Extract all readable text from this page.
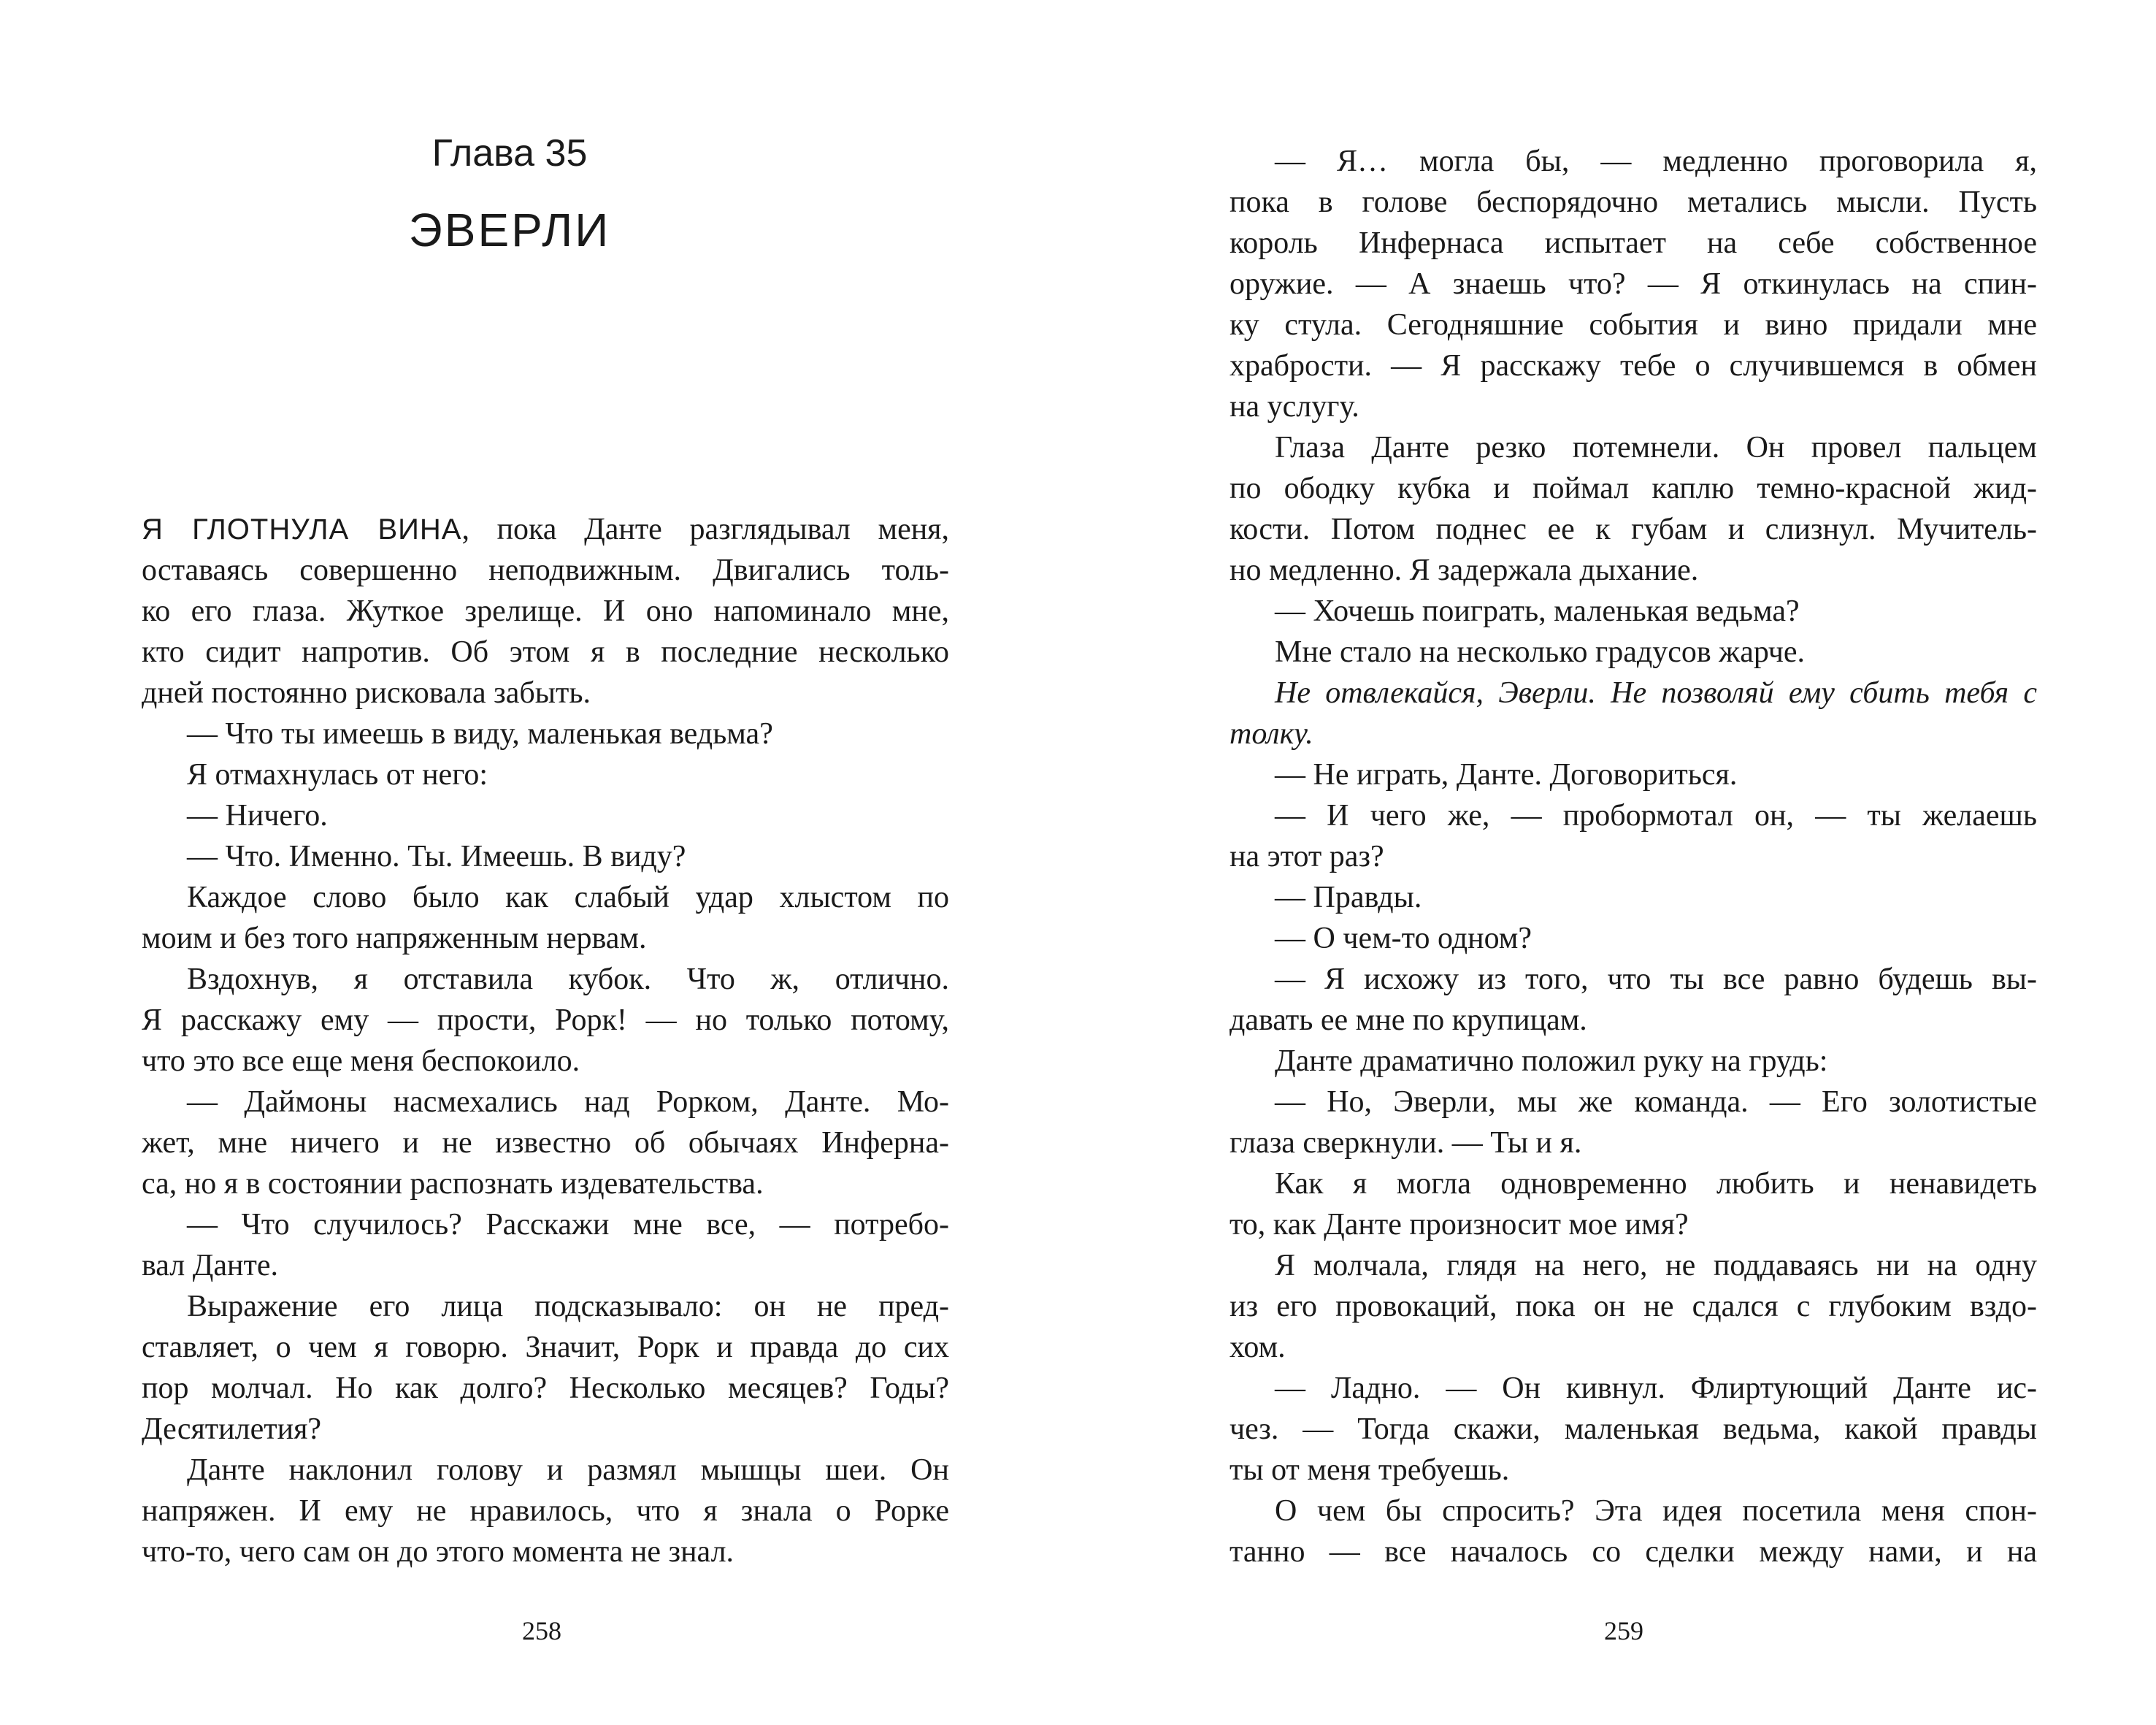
Глава 35
ЭВЕРЛИ
Я ГЛОТНУЛА ВИНА, пока Данте разглядывал меня,
оставаясь совершенно неподвижным. Двигались толь-
ко его глаза. Жуткое зрелище. И оно напоминало мне,
кто сидит напротив. Об этом я в последние несколько
дней постоянно рисковала забыть.
— Что ты имеешь в виду, маленькая ведьма?
Я отмахнулась от него:
— Ничего.
— Что. Именно. Ты. Имеешь. В виду?
Каждое слово было как слабый удар хлыстом по
моим и без того напряженным нервам.
Вздохнув, я отставила кубок. Что ж, отлично.
Я расскажу ему — прости, Рорк! — но только потому,
что это все еще меня беспокоило.
— Даймоны насмехались над Рорком, Данте. Мо-
жет, мне ничего и не известно об обычаях Инферна-
са, но я в состоянии распознать издевательства.
— Что случилось? Расскажи мне все, — потребо-
вал Данте.
Выражение его лица подсказывало: он не пред-
ставляет, о чем я говорю. Значит, Рорк и правда до сих
пор молчал. Но как долго? Несколько месяцев? Годы?
Десятилетия?
Данте наклонил голову и размял мышцы шеи. Он
напряжен. И ему не нравилось, что я знала о Рорке
что-то, чего сам он до этого момента не знал.
258
— Я… могла бы, — медленно проговорила я,
пока в голове беспорядочно метались мысли. Пусть
король Инфернаса испытает на себе собственное
оружие. — А знаешь что? — Я откинулась на спин-
ку стула. Сегодняшние события и вино придали мне
храбрости. — Я расскажу тебе о случившемся в обмен
на услугу.
Глаза Данте резко потемнели. Он провел пальцем
по ободку кубка и поймал каплю темно-красной жид-
кости. Потом поднес ее к губам и слизнул. Мучитель-
но медленно. Я задержала дыхание.
— Хочешь поиграть, маленькая ведьма?
Мне стало на несколько градусов жарче.
Не отвлекайся, Эверли. Не позволяй ему сбить тебя с
толку.
— Не играть, Данте. Договориться.
— И чего же, — пробормотал он, — ты желаешь
на этот раз?
— Правды.
— О чем-то одном?
— Я исхожу из того, что ты все равно будешь вы-
давать ее мне по крупицам.
Данте драматично положил руку на грудь:
— Но, Эверли, мы же команда. — Его золотистые
глаза сверкнули. — Ты и я.
Как я могла одновременно любить и ненавидеть
то, как Данте произносит мое имя?
Я молчала, глядя на него, не поддаваясь ни на одну
из его провокаций, пока он не сдался с глубоким вздо-
хом.
— Ладно. — Он кивнул. Флиртующий Данте ис-
чез. — Тогда скажи, маленькая ведьма, какой правды
ты от меня требуешь.
О чем бы спросить? Эта идея посетила меня спон-
танно — все началось со сделки между нами, и на
259
